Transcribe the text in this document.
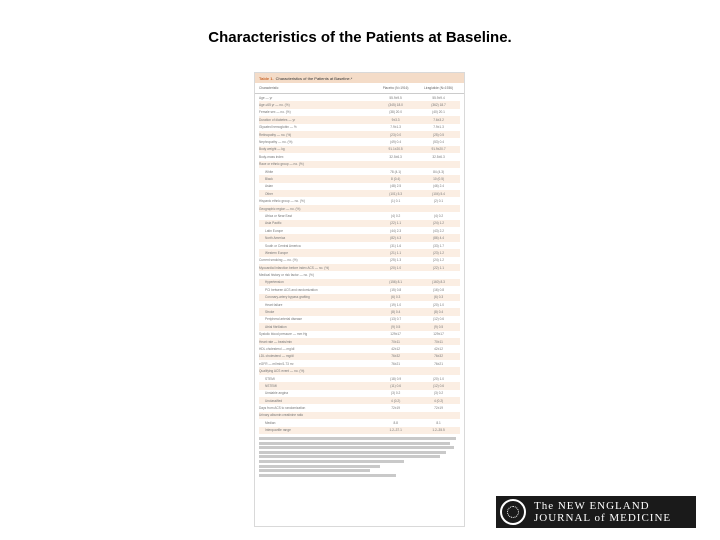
Characteristics of the Patients at Baseline.
Table 1. Characteristics of the Patients at Baseline.*
Characteristic	Placebo (N=1916)	Liraglutide (N=1936)
Age — yr	55.9±9.5	55.9±9.4
Age ≥65 yr — no. (%)	(345) 18.0	(362) 18.7
Female sex — no. (%)	(38) 20.0	(40) 20.1
Duration of diabetes — yr	9±3.3	7.6±3.2
Glycated hemoglobin — %	7.9±1.3	7.9±1.3
Retinopathy — no. (%)	(23) 0.0	(25) 0.5
Nephropathy — no. (%)	(49) 0.4	(53) 0.4
Body weight — kg	91.1±20.5	91.9±20.7
Body-mass index	32.5±6.3	32.5±6.3
Race or ethnic group — no. (%)
White	78 (4.1)	84 (4.3)
Black	8 (0.4)	10 (0.5)
Asian	(48) 2.5	(46) 2.4
Other	(101) 5.3	(104) 5.4
Hispanic ethnic group — no. (%)	(1) 0.1	(2) 0.1
Geographic region — no. (%)
Africa or Near East	(4) 0.2	(4) 0.2
Asia Pacific	(22) 1.1	(24) 1.2
Latin Europe	(44) 2.3	(43) 2.2
North America	(82) 4.3	(86) 4.4
South or Central America	(31) 1.6	(33) 1.7
Western Europe	(21) 1.1	(23) 1.2
Current smoking — no. (%)	(25) 1.3	(24) 1.2
Myocardial infarction before index ACS — no. (%)	(20) 1.0	(22) 1.1
Medical history or risk factor — no. (%)
Hypertension	(156) 8.1	(160) 8.3
PCI between ACS and randomization	(15) 0.8	(16) 0.8
Coronary-artery bypass grafting	(6) 0.3	(6) 0.3
Heart failure	(19) 1.0	(20) 1.0
Stroke	(8) 0.4	(8) 0.4
Peripheral arterial disease	(13) 0.7	(12) 0.6
Atrial fibrillation	(9) 0.5	(9) 0.5
Systolic blood pressure — mm Hg	129±17	129±17
Heart rate — beats/min	70±11	70±11
HDL cholesterol — mg/dl	42±12	42±12
LDL cholesterol — mg/dl	76±32	76±32
eGFR — ml/min/1.73 m²	76±21	76±21
Qualifying ACS event — no. (%)
STEMI	(18) 0.9	(20) 1.0
NSTEMI	(11) 0.6	(12) 0.6
Unstable angina	(3) 0.2	(3) 0.2
Unclassified	4 (0.2)	4 (0.2)
Days from ACS to randomization	72±19	72±19
Urinary albumin:creatinine ratio
Median	8.8	8.1
Interquartile range	1.2–37.1	1.2–35.5
The NEW ENGLAND
JOURNAL of MEDICINE
